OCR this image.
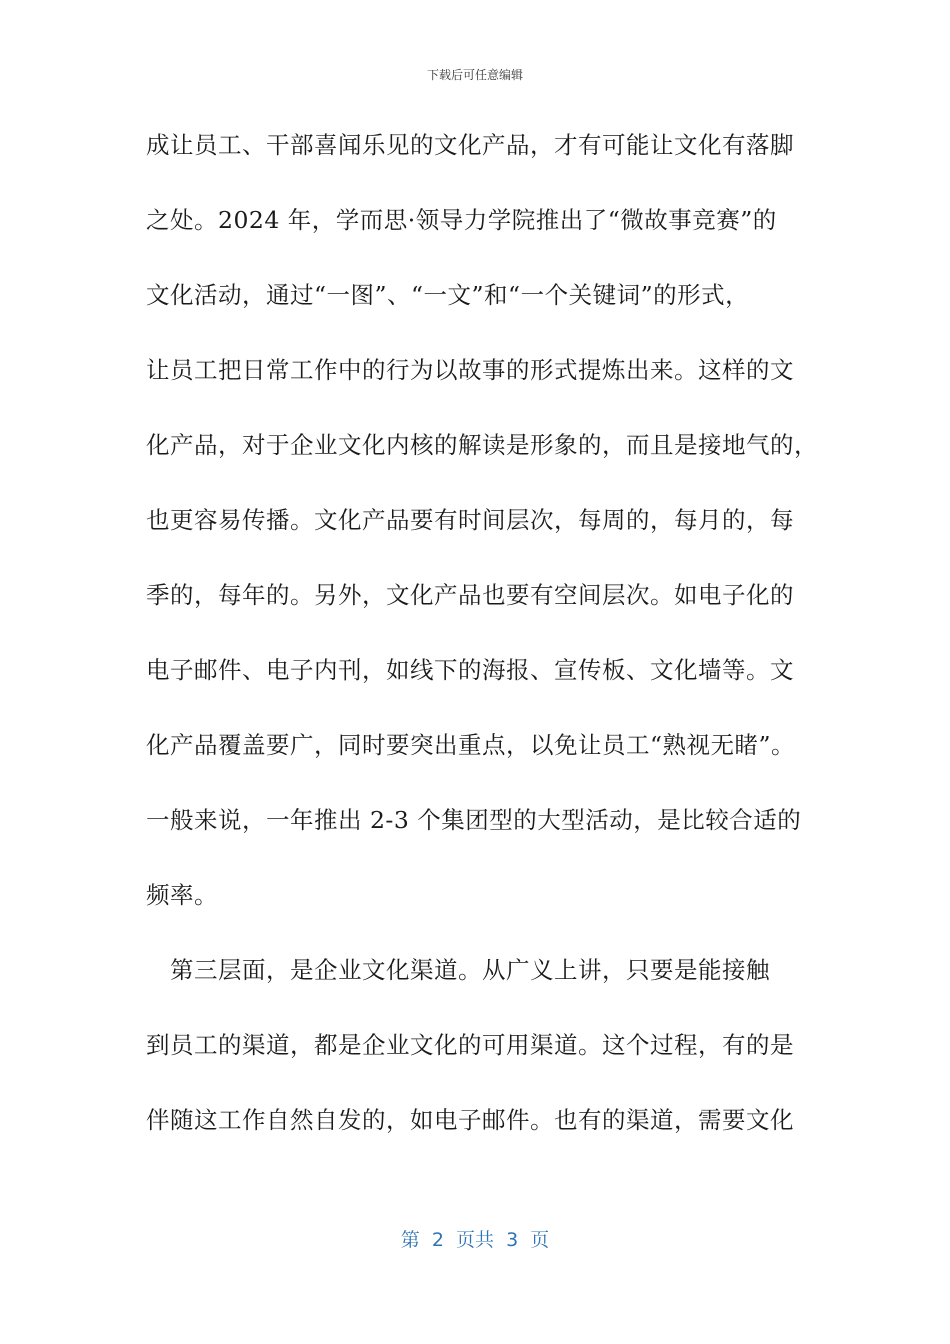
下载后可任意编辑
成让员工、干部喜闻乐见的文化产品，才有可能让文化有落脚
之处。2024 年，学而思·领导力学院推出了“微故事竞赛”的
文化活动，通过“一图”、“一文”和“一个关键词”的形式，
让员工把日常工作中的行为以故事的形式提炼出来。这样的文
化产品，对于企业文化内核的解读是形象的，而且是接地气的，
也更容易传播。文化产品要有时间层次，每周的，每月的，每
季的，每年的。另外，文化产品也要有空间层次。如电子化的
电子邮件、电子内刊，如线下的海报、宣传板、文化墙等。文
化产品覆盖要广，同时要突出重点，以免让员工“熟视无睹”。
一般来说，一年推出 2-3 个集团型的大型活动，是比较合适的
频率。
　第三层面，是企业文化渠道。从广义上讲，只要是能接触
到员工的渠道，都是企业文化的可用渠道。这个过程，有的是
伴随这工作自然自发的，如电子邮件。也有的渠道，需要文化
第  2  页共  3  页
